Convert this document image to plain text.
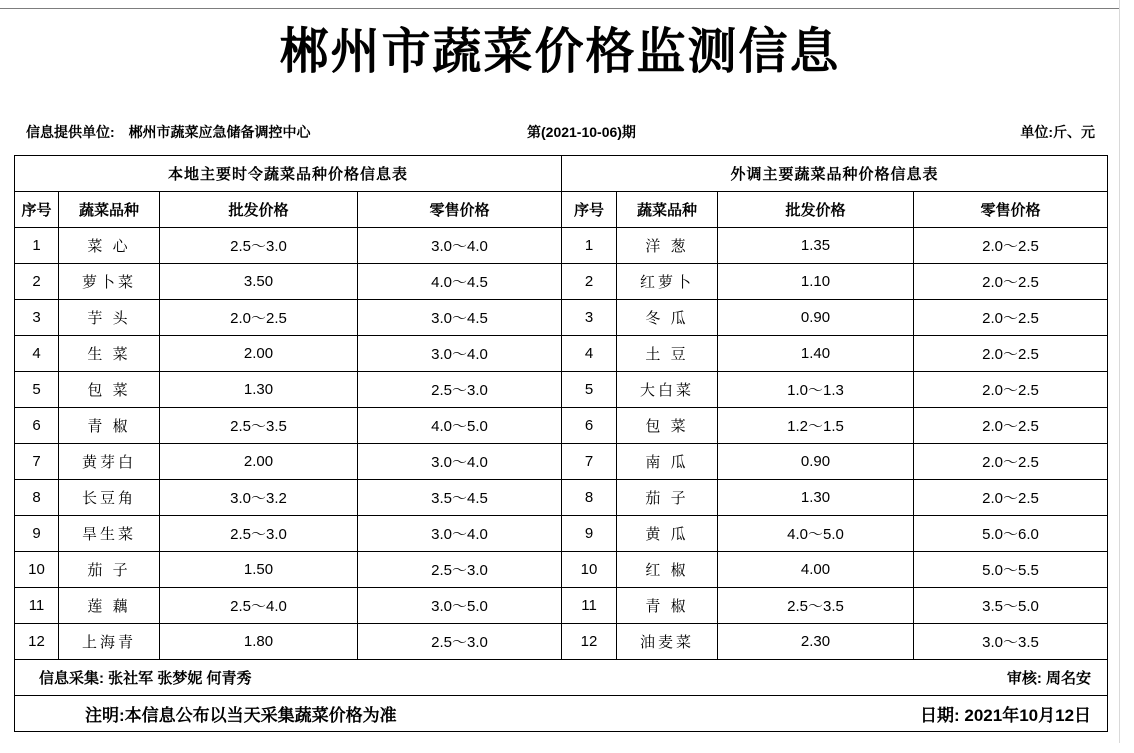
郴州市蔬菜价格监测信息
信息提供单位: 郴州市蔬菜应急储备调控中心	第(2021-10-06)期	单位:斤、元
本地主要时令蔬菜品种价格信息表				外调主要蔬菜品种价格信息表			
序号	蔬菜品种	批发价格	零售价格	序号	蔬菜品种	批发价格	零售价格
1	菜 心	2.5～3.0	3.0～4.0	1	洋 葱	1.35	2.0～2.5
2	萝卜菜	3.50	4.0～4.5	2	红萝卜	1.10	2.0～2.5
3	芋 头	2.0～2.5	3.0～4.5	3	冬 瓜	0.90	2.0～2.5
4	生 菜	2.00	3.0～4.0	4	土 豆	1.40	2.0～2.5
5	包 菜	1.30	2.5～3.0	5	大白菜	1.0～1.3	2.0～2.5
6	青 椒	2.5～3.5	4.0～5.0	6	包 菜	1.2～1.5	2.0～2.5
7	黄芽白	2.00	3.0～4.0	7	南 瓜	0.90	2.0～2.5
8	长豆角	3.0～3.2	3.5～4.5	8	茄 子	1.30	2.0～2.5
9	旱生菜	2.5～3.0	3.0～4.0	9	黄 瓜	4.0～5.0	5.0～6.0
10	茄 子	1.50	2.5～3.0	10	红 椒	4.00	5.0～5.5
11	莲 藕	2.5～4.0	3.0～5.0	11	青 椒	2.5～3.5	3.5～5.0
12	上海青	1.80	2.5～3.0	12	油麦菜	2.30	3.0～3.5

信息采集: 张社军 张梦妮 何青秀 审核: 周名安							

注明:本信息公布以当天采集蔬菜价格为准 日期: 2021年10月12日							
